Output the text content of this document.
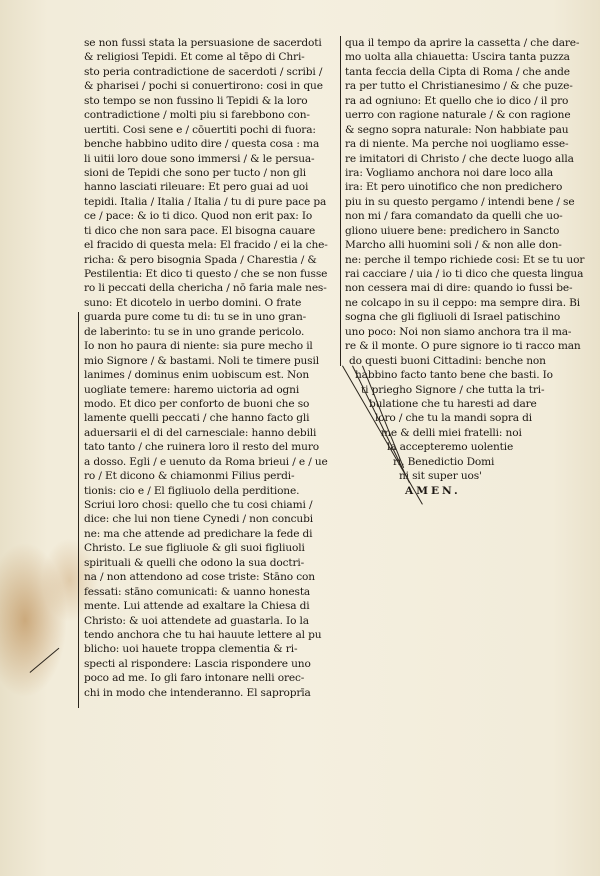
se non fussi stata la persuasione de sacerdoti
& religiosi Tepidi. Et come al tēpo di Chri-
sto peria contradictione de sacerdoti / scribi /
& pharisei / pochi si conuertirono: cosi in que
sto tempo se non fussino li Tepidi & la loro
contradictione / molti piu si farebbono con-
uertiti. Cosi sene e / cōuertiti pochi di fuora:
benche habbino udito dire / questa cosa : ma
li uitii loro doue sono immersi / & le persua-
sioni de Tepidi che sono per tucto / non gli
hanno lasciati rileuare: Et pero guai ad uoi
tepidi. Italia / Italia / Italia / tu di pure pace pa
ce / pace: & io ti dico. Quod non erit pax: Io
ti dico che non sara pace. El bisogna cauare
el fracido di questa mela: El fracido / ei la che-
richa: & pero bisognia Spada / Charestia / &
Pestilentia: Et dico ti questo / che se non fusse
ro li peccati della chericha / nō faria male nes-
suno: Et dicotelo in uerbo domini. O frate
guarda pure come tu di: tu se in uno gran-
de laberinto: tu se in uno grande pericolo.
Io non ho paura di niente: sia pure mecho il
mio Signore / & bastami. Noli te timere pusil
lanimes / dominus enim uobiscum est. Non
uogliate temere: haremo uictoria ad ogni
modo. Et dico per conforto de buoni che so
lamente quelli peccati / che hanno facto gli
aduersarii el di del carnesciale: hanno debili
tato tanto / che ruinera loro il resto del muro
a dosso. Egli / e uenuto da Roma brieui / e / ue
ro / Et dicono & chiamonmi Filius perdi-
tionis: cio e / El figliuolo della perditione.
Scriui loro chosi: quello che tu cosi chiami /
dice: che lui non tiene Cynedi / non concubi
ne: ma che attende ad predichare la fede di
Christo. Le sue figliuole & gli suoi figliuoli
spirituali & quelli che odono la sua doctri-
na / non attendono ad cose triste: Stāno con
fessati: stāno comunicati: & uanno honesta
mente. Lui attende ad exaltare la Chiesa di
Christo: & uoi attendete ad guastarla. Io la
tendo anchora che tu hai hauute lettere al pu
blicho: uoi hauete troppa clementia & ri-
specti al rispondere: Lascia rispondere uno
poco ad me. Io gli faro intonare nelli orec-
chi in modo che intenderanno. El saproprīa
qua il tempo da aprire la cassetta / che dare-
mo uolta alla chiauetta: Uscira tanta puzza
tanta feccia della Cipta di Roma / che ande
ra per tutto el Christianesimo / & che puze-
ra ad ogniuno: Et quello che io dico / il pro
uerro con ragione naturale / & con ragione
& segno sopra naturale: Non habbiate pau
ra di niente. Ma perche noi uogliamo esse-
re imitatori di Christo / che decte luogo alla
ira: Vogliamo anchora noi dare loco alla
ira: Et pero uinotifico che non predichero
piu in su questo pergamo / intendi bene / se
non mi / fara comandato da quelli che uo-
gliono uiuere bene: predichero in Sancto
Marcho alli huomini soli / & non alle don-
ne: perche il tempo richiede cosi: Et se tu uor
rai cacciare / uia / io ti dico che questa lingua
non cessera mai di dire: quando io fussi be-
ne colcapo in su il ceppo: ma sempre dira. Bi
sogna che gli figliuoli di Israel patischino
uno poco: Noi non siamo anchora tra il ma-
re & il monte. O pure signore io ti racco man
do questi buoni Cittadini: benche non
habbino facto tanto bene che basti. Io
ti priegho Signore / che tutta la tri-
bulatione che tu haresti ad dare
loro / che tu la mandi sopra di
me & delli miei fratelli: noi
la accepteremo uolentie
ri. Benedictio Domi
ni sit super uos'
AMEN.
